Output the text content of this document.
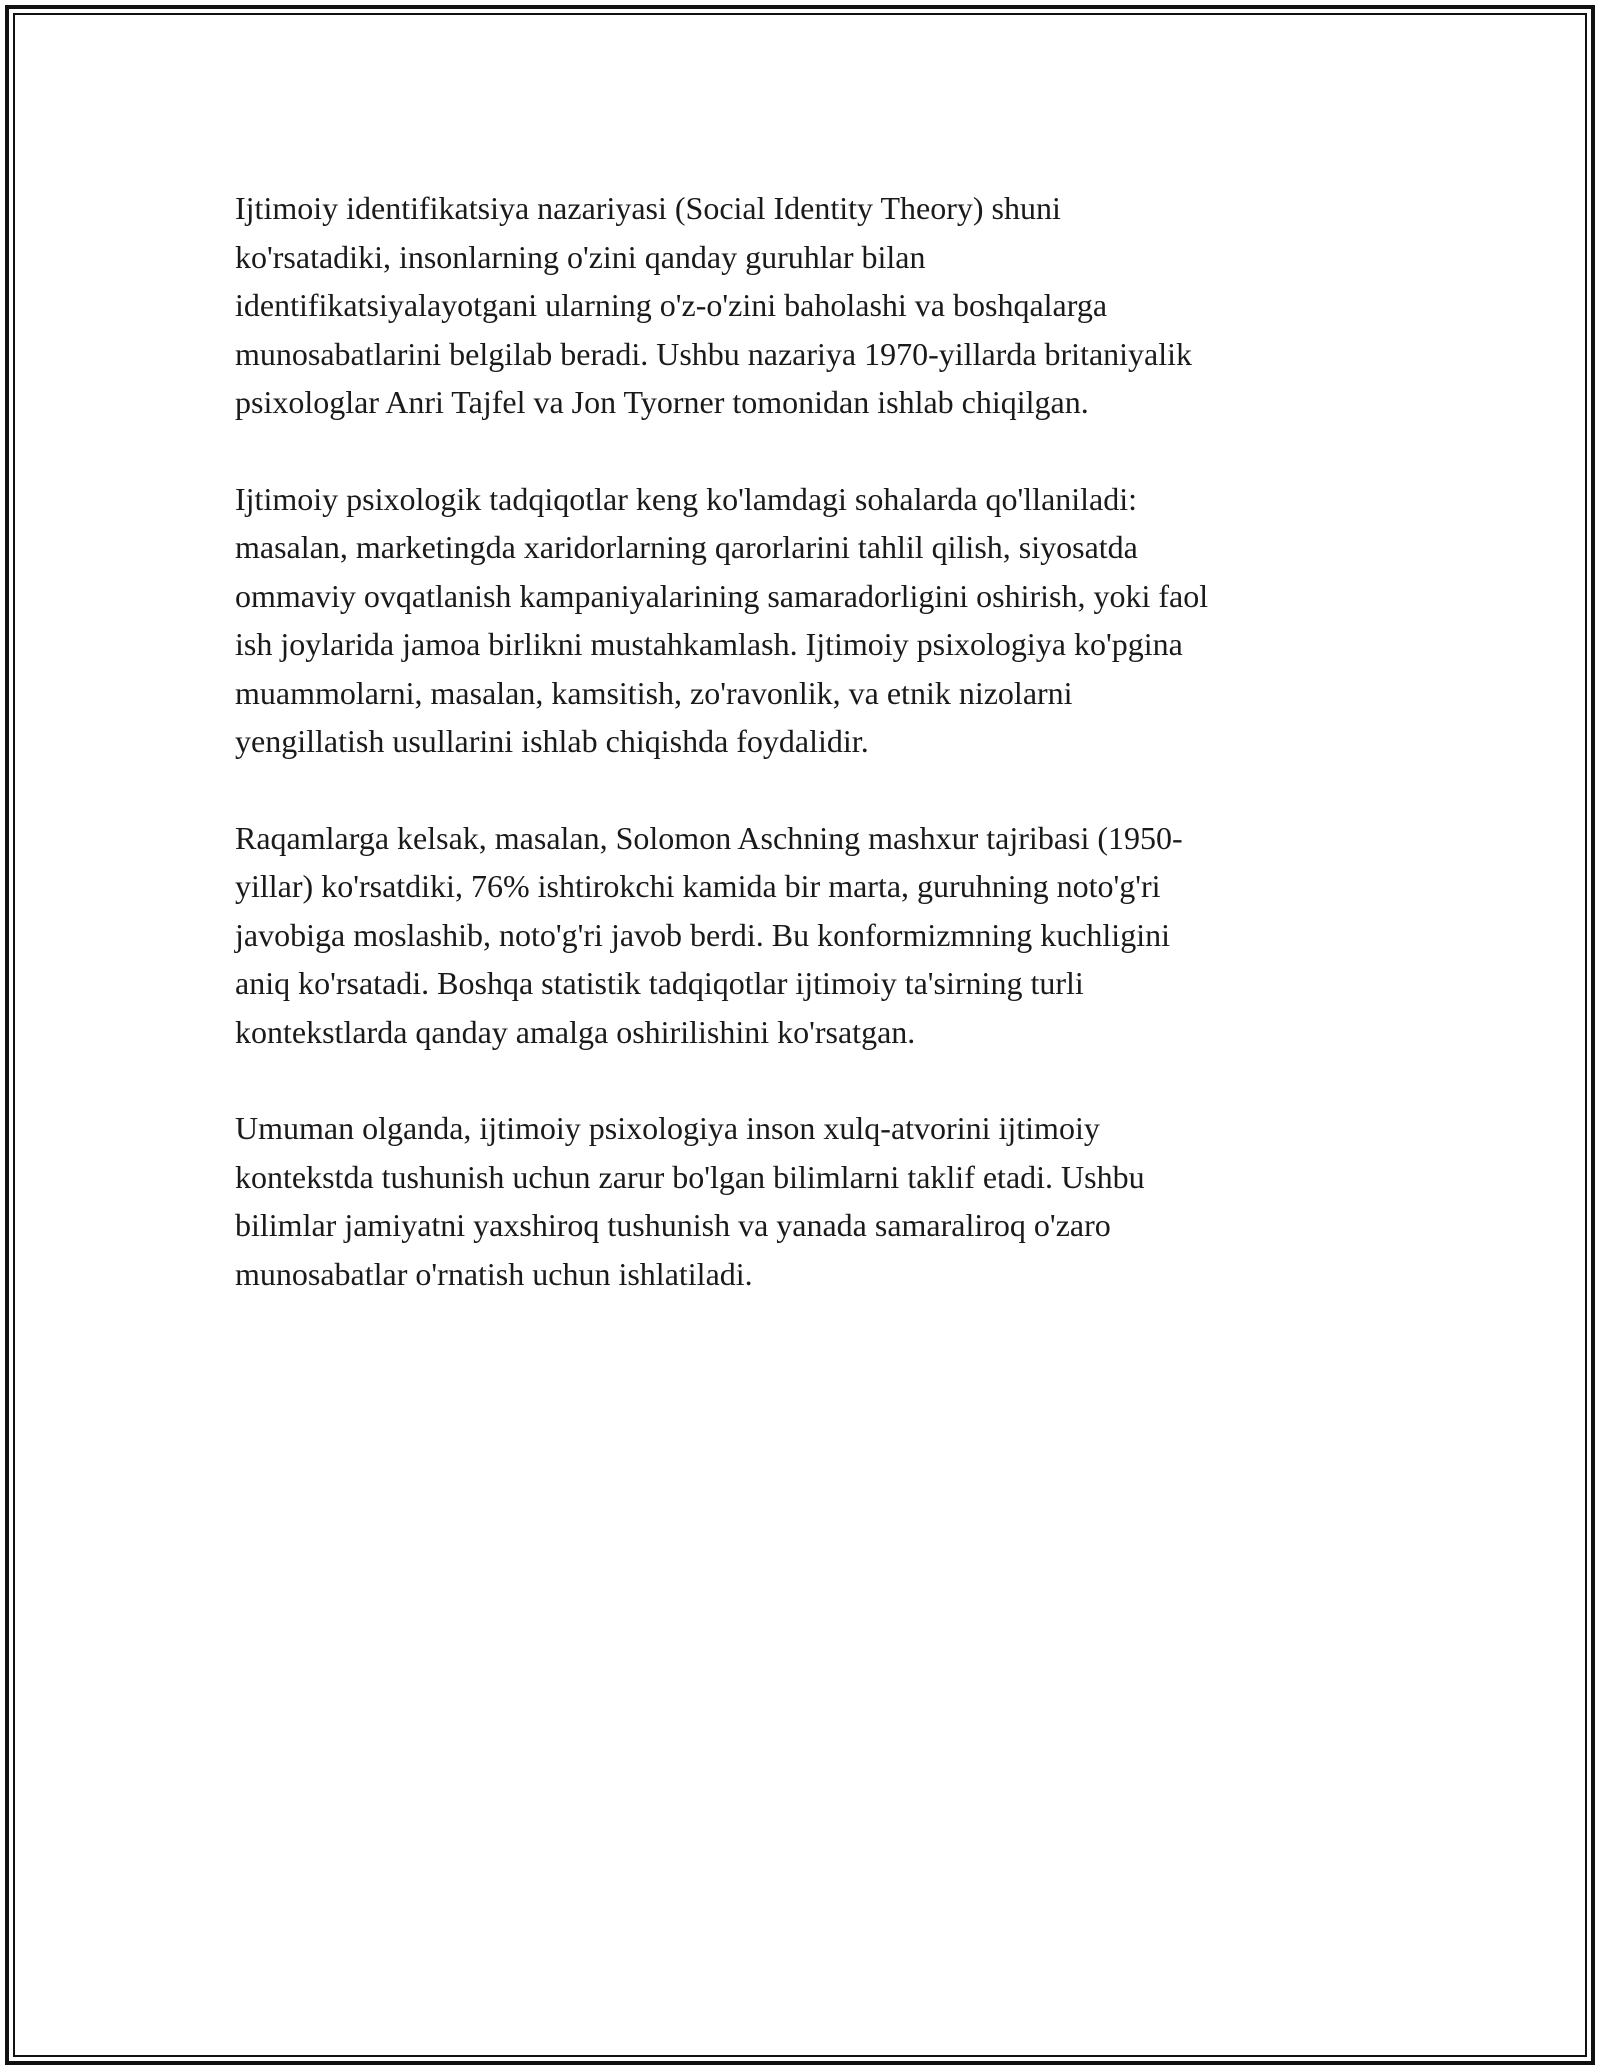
Ijtimoiy identifikatsiya nazariyasi (Social Identity Theory) shuni
ko'rsatadiki, insonlarning o'zini qanday guruhlar bilan
identifikatsiyalayotgani ularning o'z-o'zini baholashi va boshqalarga
munosabatlarini belgilab beradi. Ushbu nazariya 1970-yillarda britaniyalik
psixologlar Anri Tajfel va Jon Tyorner tomonidan ishlab chiqilgan.

Ijtimoiy psixologik tadqiqotlar keng ko'lamdagi sohalarda qo'llaniladi:
masalan, marketingda xaridorlarning qarorlarini tahlil qilish, siyosatda
ommaviy ovqatlanish kampaniyalarining samaradorligini oshirish, yoki faol
ish joylarida jamoa birlikni mustahkamlash. Ijtimoiy psixologiya ko'pgina
muammolarni, masalan, kamsitish, zo'ravonlik, va etnik nizolarni
yengillatish usullarini ishlab chiqishda foydalidir.

Raqamlarga kelsak, masalan, Solomon Aschning mashxur tajribasi (1950-
yillar) ko'rsatdiki, 76% ishtirokchi kamida bir marta, guruhning noto'g'ri
javobiga moslashib, noto'g'ri javob berdi. Bu konformizmning kuchligini
aniq ko'rsatadi. Boshqa statistik tadqiqotlar ijtimoiy ta'sirning turli
kontekstlarda qanday amalga oshirilishini ko'rsatgan.

Umuman olganda, ijtimoiy psixologiya inson xulq-atvorini ijtimoiy
kontekstda tushunish uchun zarur bo'lgan bilimlarni taklif etadi. Ushbu
bilimlar jamiyatni yaxshiroq tushunish va yanada samaraliroq o'zaro
munosabatlar o'rnatish uchun ishlatiladi.
